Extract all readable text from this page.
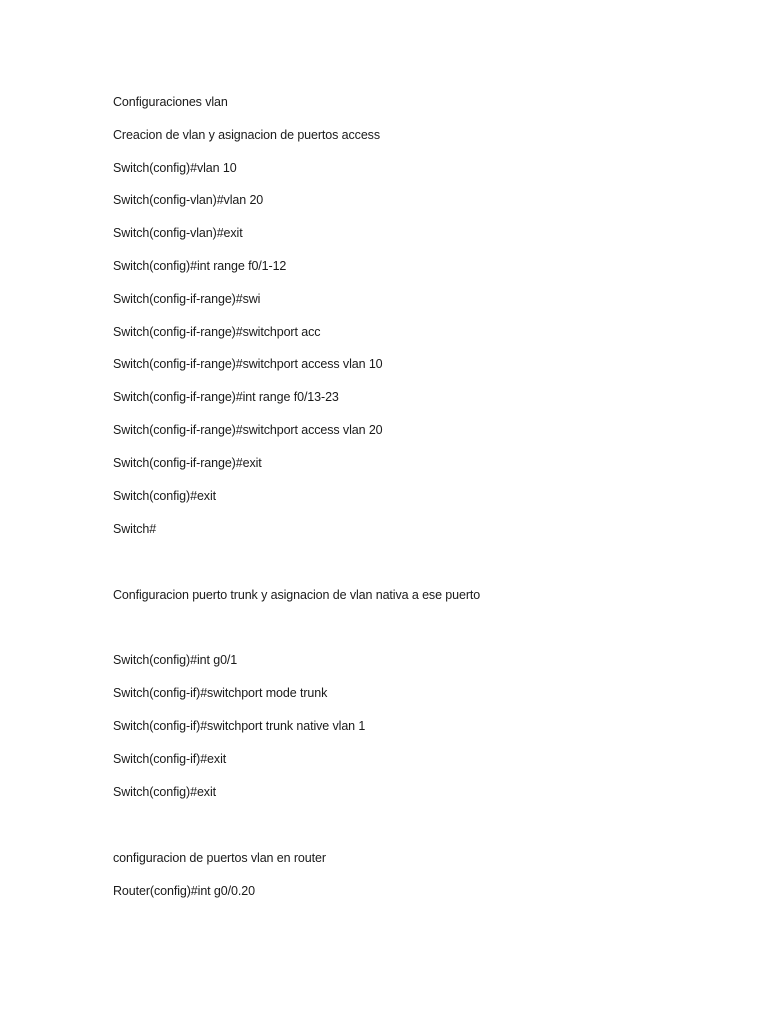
Configuraciones vlan
Creacion de vlan y asignacion de puertos access
Switch(config)#vlan 10
Switch(config-vlan)#vlan 20
Switch(config-vlan)#exit
Switch(config)#int range f0/1-12
Switch(config-if-range)#swi
Switch(config-if-range)#switchport acc
Switch(config-if-range)#switchport access vlan 10
Switch(config-if-range)#int range f0/13-23
Switch(config-if-range)#switchport access vlan 20
Switch(config-if-range)#exit
Switch(config)#exit
Switch#
Configuracion puerto trunk y asignacion de vlan nativa a ese puerto
Switch(config)#int g0/1
Switch(config-if)#switchport mode trunk
Switch(config-if)#switchport trunk native vlan 1
Switch(config-if)#exit
Switch(config)#exit
configuracion de puertos vlan en router
Router(config)#int g0/0.20
